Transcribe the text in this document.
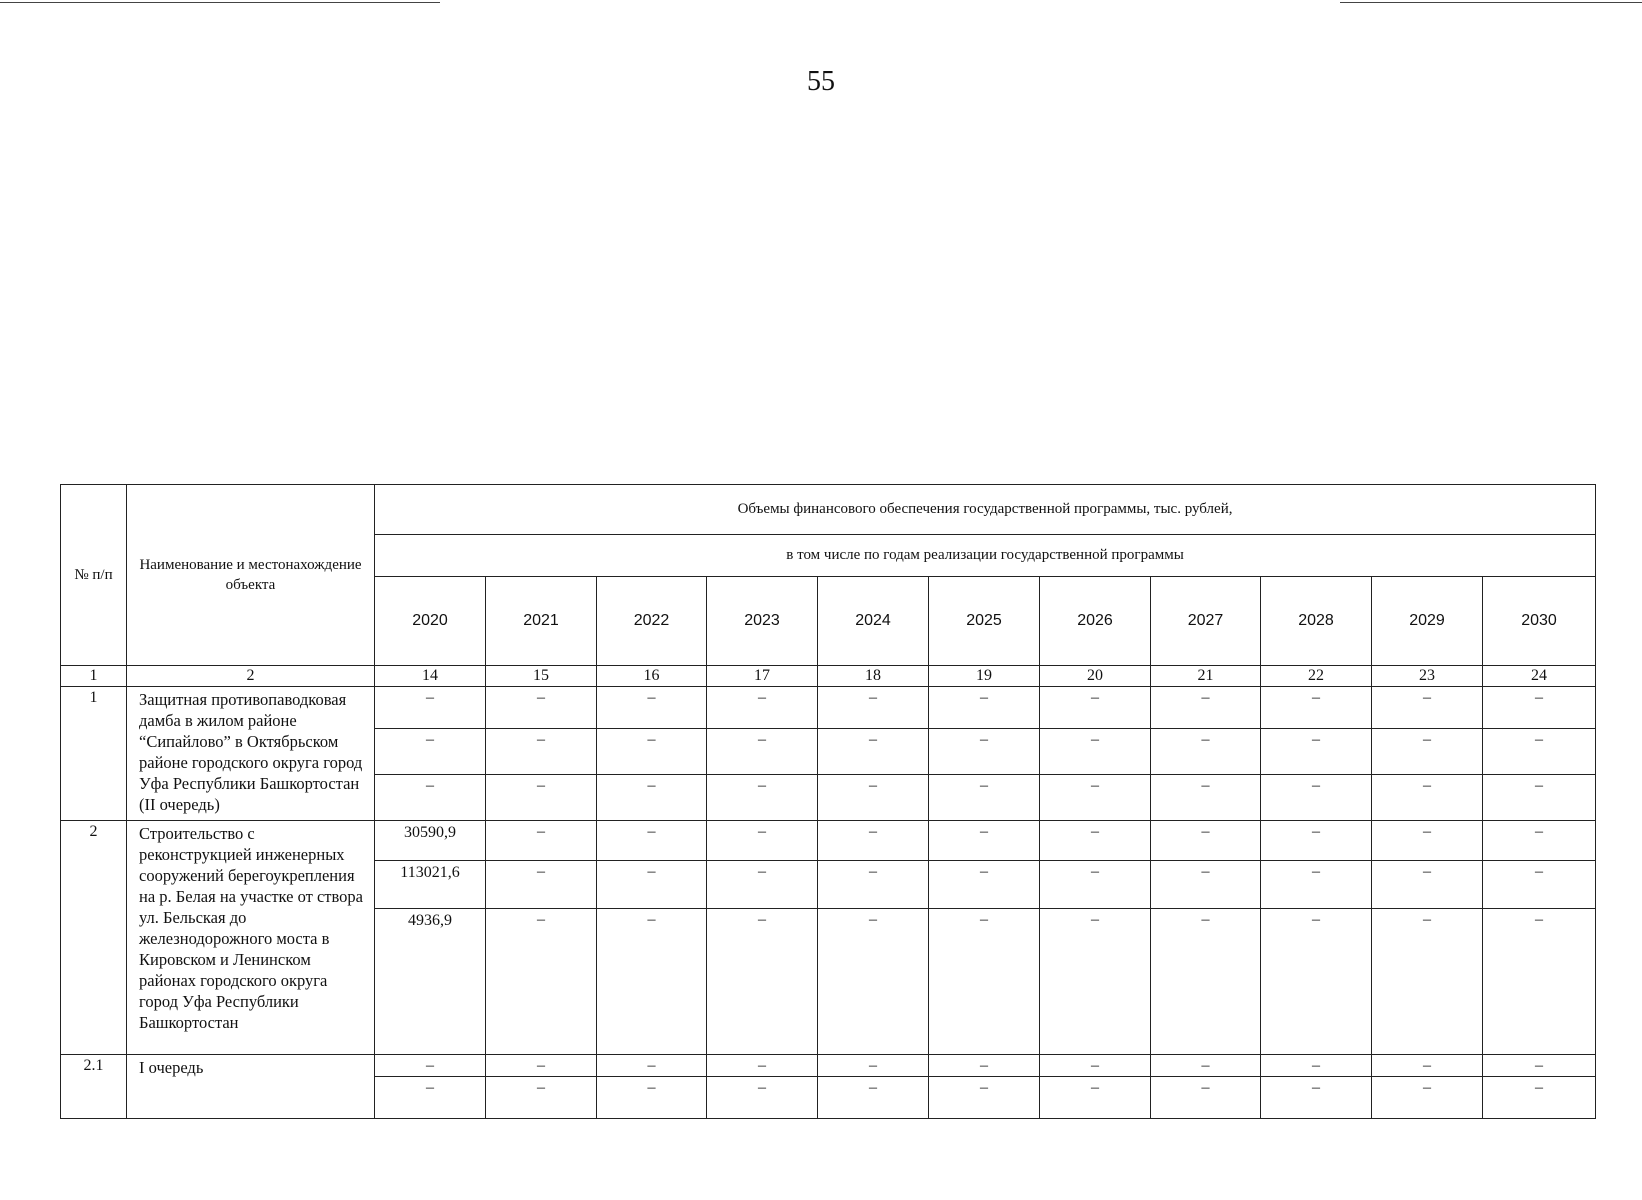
55
№ п/п	Наименование и местонахождение объекта	Объемы финансового обеспечения государственной программы, тыс. рублей,										
		в том числе по годам реализации государственной программы										
		2020	2021	2022	2023	2024	2025	2026	2027	2028	2029	2030
1	2	14	15	16	17	18	19	20	21	22	23	24
1	Защитная противопаводковая дамба в жилом районе “Сипайлово” в Октябрьском районе городского округа город Уфа Республики Башкортостан (II очередь)	–	–	–	–	–	–	–	–	–	–	–
		–	–	–	–	–	–	–	–	–	–	–
		–	–	–	–	–	–	–	–	–	–	–
2	Строительство с реконструкцией инженерных сооружений берегоукрепления на р. Белая на участке от створа ул. Бельская до железнодорожного моста в Кировском и Ленинском районах городского округа город Уфа Республики Башкортостан	30590,9	–	–	–	–	–	–	–	–	–	–
		113021,6	–	–	–	–	–	–	–	–	–	–
		4936,9	–	–	–	–	–	–	–	–	–	–
2.1	I очередь	–	–	–	–	–	–	–	–	–	–	–
		–	–	–	–	–	–	–	–	–	–	–
